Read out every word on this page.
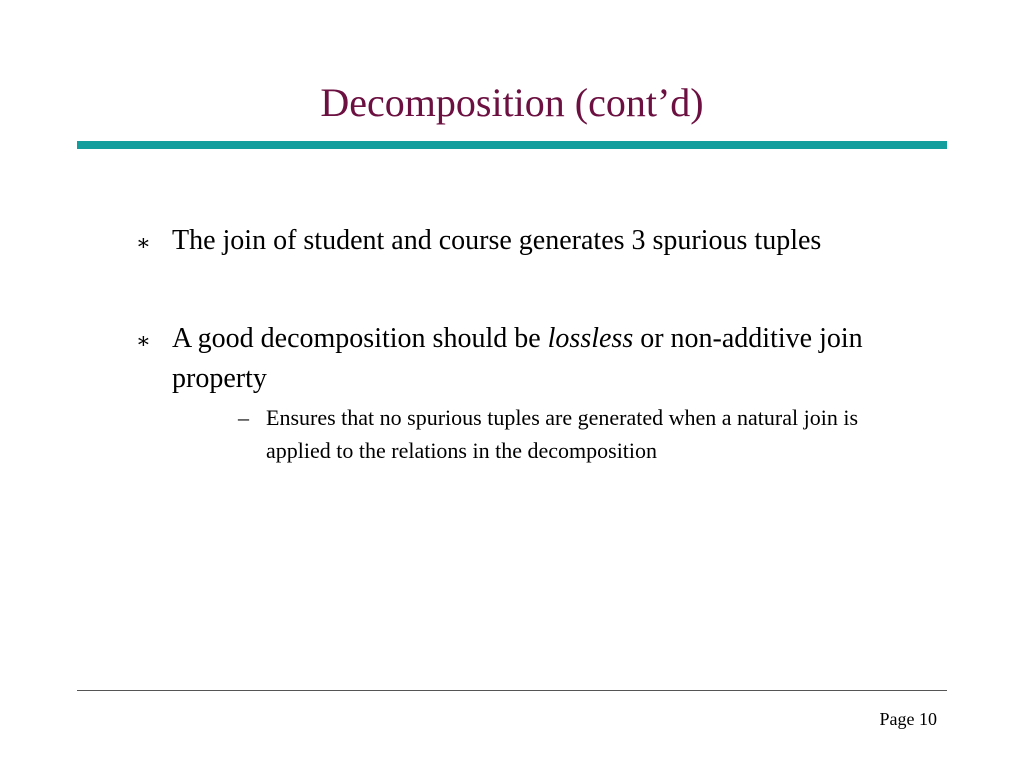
Decomposition (cont’d)
∗ The join of student and course generates 3 spurious tuples
∗ A good decomposition should be lossless or non-additive join property
– Ensures that no spurious tuples are generated when a natural join is applied to the relations in the decomposition
Page 10
